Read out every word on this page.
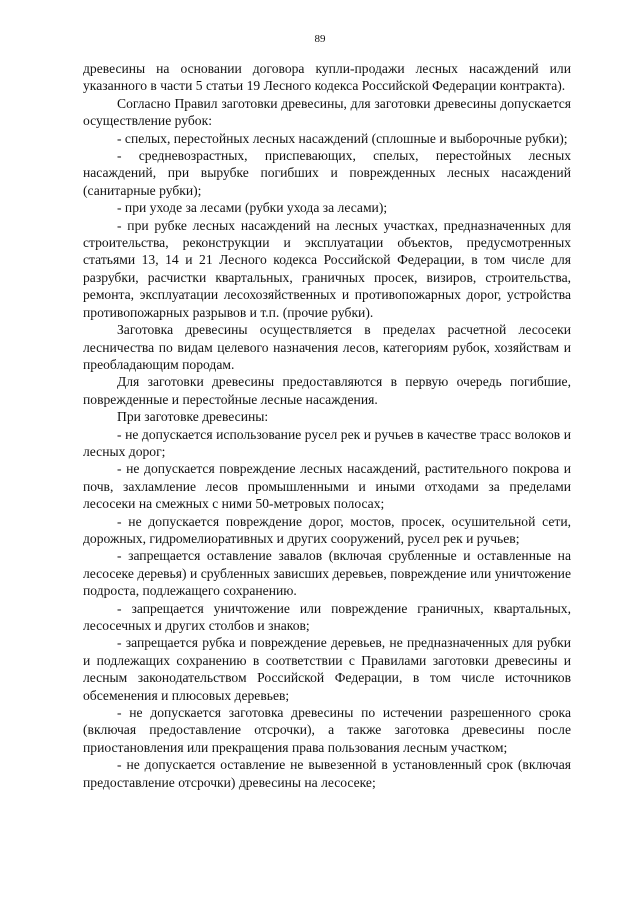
89

древесины на основании договора купли-продажи лесных насаждений или указанного в части 5 статьи 19 Лесного кодекса Российской Федерации контракта).

Согласно Правил заготовки древесины, для заготовки древесины допускается осуществление рубок:

- спелых, перестойных лесных насаждений (сплошные и выборочные рубки);

- средневозрастных, приспевающих, спелых, перестойных лесных насаждений, при вырубке погибших и поврежденных лесных насаждений (санитарные рубки);

- при уходе за лесами (рубки ухода за лесами);

- при рубке лесных насаждений на лесных участках, предназначенных для строительства, реконструкции и эксплуатации объектов, предусмотренных статьями 13, 14 и 21 Лесного кодекса Российской Федерации, в том числе для разрубки, расчистки квартальных, граничных просек, визиров, строительства, ремонта, эксплуатации лесохозяйственных и противопожарных дорог, устройства противопожарных разрывов и т.п. (прочие рубки).

Заготовка древесины осуществляется в пределах расчетной лесосеки лесничества по видам целевого назначения лесов, категориям рубок, хозяйствам и преобладающим породам.

Для заготовки древесины предоставляются в первую очередь погибшие, поврежденные и перестойные лесные насаждения.

При заготовке древесины:

- не допускается использование русел рек и ручьев в качестве трасс волоков и лесных дорог;

- не допускается повреждение лесных насаждений, растительного покрова и почв, захламление лесов промышленными и иными отходами за пределами лесосеки на смежных с ними 50-метровых полосах;

- не допускается повреждение дорог, мостов, просек, осушительной сети, дорожных, гидромелиоративных и других сооружений, русел рек и ручьев;

- запрещается оставление завалов (включая срубленные и оставленные на лесосеке деревья) и срубленных зависших деревьев, повреждение или уничтожение подроста, подлежащего сохранению.

- запрещается уничтожение или повреждение граничных, квартальных, лесосечных и других столбов и знаков;

- запрещается рубка и повреждение деревьев, не предназначенных для рубки и подлежащих сохранению в соответствии с Правилами заготовки древесины и лесным законодательством Российской Федерации, в том числе источников обсеменения и плюсовых деревьев;

- не допускается заготовка древесины по истечении разрешенного срока (включая предоставление отсрочки), а также заготовка древесины после приостановления или прекращения права пользования лесным участком;

- не допускается оставление не вывезенной в установленный срок (включая предоставление отсрочки) древесины на лесосеке;
